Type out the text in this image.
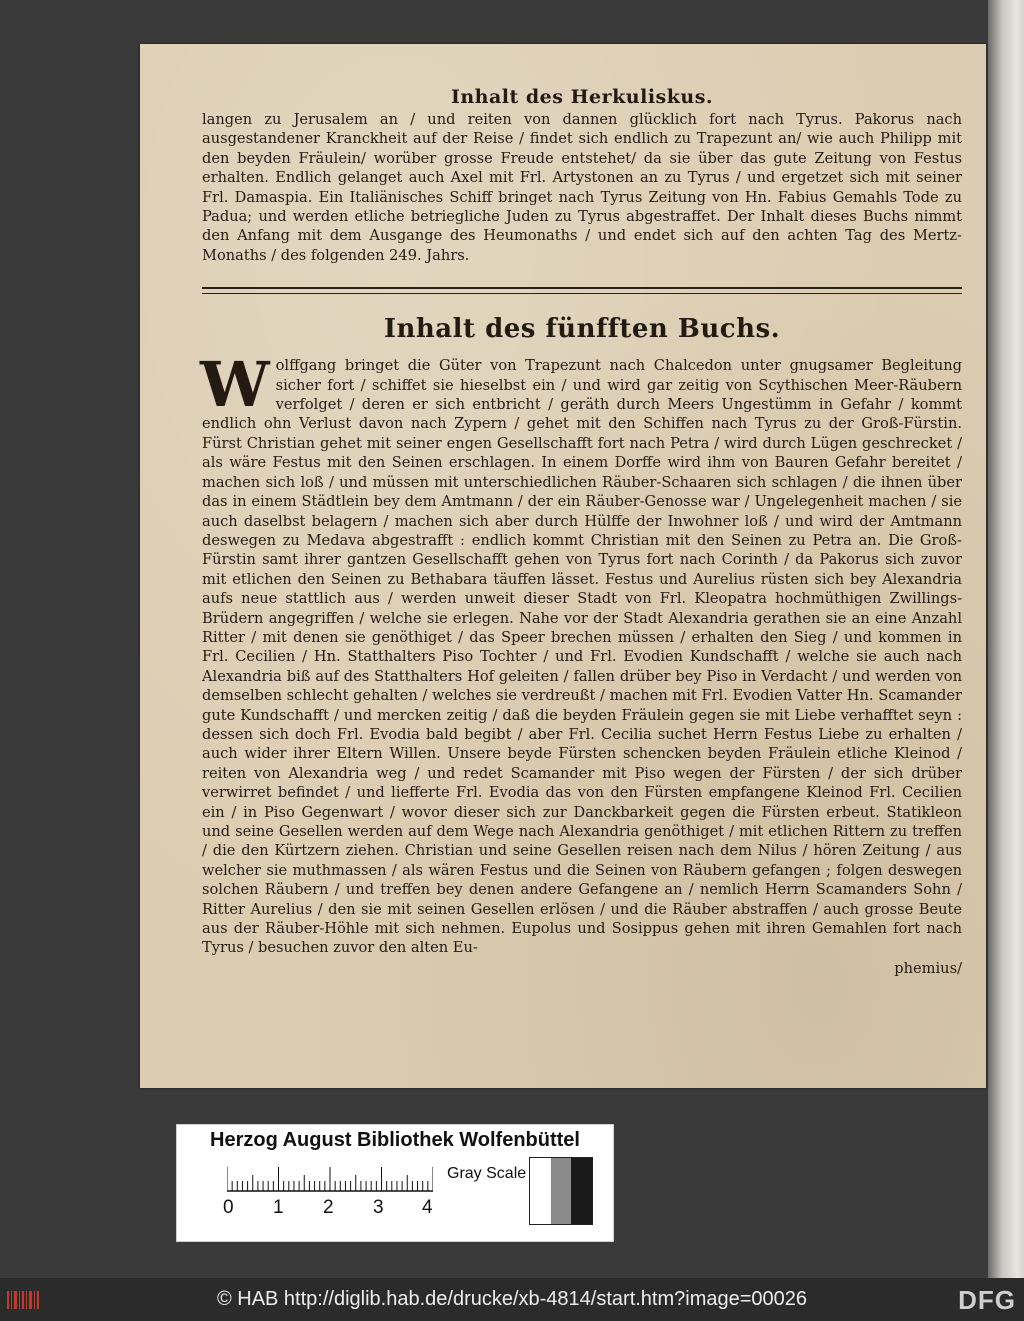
Inhalt des Herkuliskus.

langen zu Jerusalem an / und reiten von dannen glücklich fort nach Tyrus. Pakorus nach ausgestandener Kranckheit auf der Reise / findet sich endlich zu Trapezunt an/ wie auch Philipp mit den beyden Fräulein/ worüber grosse Freude entstehet/ da sie über das gute Zeitung von Festus erhalten. Endlich gelanget auch Axel mit Frl. Artystonen an zu Tyrus / und ergetzet sich mit seiner Frl. Damaspia. Ein Italiänisches Schiff bringet nach Tyrus Zeitung von Hn. Fabius Gemahls Tode zu Padua; und werden etliche betriegliche Juden zu Tyrus abgestraffet. Der Inhalt dieses Buchs nimmt den Anfang mit dem Ausgange des Heumonaths / und endet sich auf den achten Tag des Mertz-Monaths / des folgenden 249. Jahrs.

Inhalt des fünfften Buchs.

W olffgang bringet die Güter von Trapezunt nach Chalcedon unter gnugsamer Begleitung sicher fort / schiffet sie hieselbst ein / und wird gar zeitig von Scythischen Meer-Räubern verfolget / deren er sich entbricht / geräth durch Meers Ungestümm in Gefahr / kommt endlich ohn Verlust davon nach Zypern / gehet mit den Schiffen nach Tyrus zu der Groß-Fürstin. Fürst Christian gehet mit seiner engen Gesellschafft fort nach Petra / wird durch Lügen geschrecket / als wäre Festus mit den Seinen erschlagen. In einem Dorffe wird ihm von Bauren Gefahr bereitet / machen sich loß / und müssen mit unterschiedlichen Räuber-Schaaren sich schlagen / die ihnen über das in einem Städtlein bey dem Amtmann / der ein Räuber-Genosse war / Ungelegenheit machen / sie auch daselbst belagern / machen sich aber durch Hülffe der Inwohner loß / und wird der Amtmann deswegen zu Medava abgestrafft : endlich kommt Christian mit den Seinen zu Petra an. Die Groß-Fürstin samt ihrer gantzen Gesellschafft gehen von Tyrus fort nach Corinth / da Pakorus sich zuvor mit etlichen den Seinen zu Bethabara täuffen lässet. Festus und Aurelius rüsten sich bey Alexandria aufs neue stattlich aus / werden unweit dieser Stadt von Frl. Kleopatra hochmüthigen Zwillings-Brüdern angegriffen / welche sie erlegen. Nahe vor der Stadt Alexandria gerathen sie an eine Anzahl Ritter / mit denen sie genöthiget / das Speer brechen müssen / erhalten den Sieg / und kommen in Frl. Cecilien / Hn. Statthalters Piso Tochter / und Frl. Evodien Kundschafft / welche sie auch nach Alexandria biß auf des Statthalters Hof geleiten / fallen drüber bey Piso in Verdacht / und werden von demselben schlecht gehalten / welches sie verdreußt / machen mit Frl. Evodien Vatter Hn. Scamander gute Kundschafft / und mercken zeitig / daß die beyden Fräulein gegen sie mit Liebe verhafftet seyn : dessen sich doch Frl. Evodia bald begibt / aber Frl. Cecilia suchet Herrn Festus Liebe zu erhalten / auch wider ihrer Eltern Willen. Unsere beyde Fürsten schencken beyden Fräulein etliche Kleinod / reiten von Alexandria weg / und redet Scamander mit Piso wegen der Fürsten / der sich drüber verwirret befindet / und liefferte Frl. Evodia das von den Fürsten empfangene Kleinod Frl. Cecilien ein / in Piso Gegenwart / wovor dieser sich zur Danckbarkeit gegen die Fürsten erbeut. Statikleon und seine Gesellen werden auf dem Wege nach Alexandria genöthiget / mit etlichen Rittern zu treffen / die den Kürtzern ziehen. Christian und seine Gesellen reisen nach dem Nilus / hören Zeitung / aus welcher sie muthmassen / als wären Festus und die Seinen von Räubern gefangen ; folgen deswegen solchen Räubern / und treffen bey denen andere Gefangene an / nemlich Herrn Scamanders Sohn / Ritter Aurelius / den sie mit seinen Gesellen erlösen / und die Räuber abstraffen / auch grosse Beute aus der Räuber-Höhle mit sich nehmen. Eupolus und Sosippus gehen mit ihren Gemahlen fort nach Tyrus / besuchen zuvor den alten Eu-

phemius/
Herzog August Bibliothek Wolfenbüttel
0 1 2 3 4
Gray Scale
© HAB http://diglib.hab.de/drucke/xb-4814/start.htm?image=00026	DFG
